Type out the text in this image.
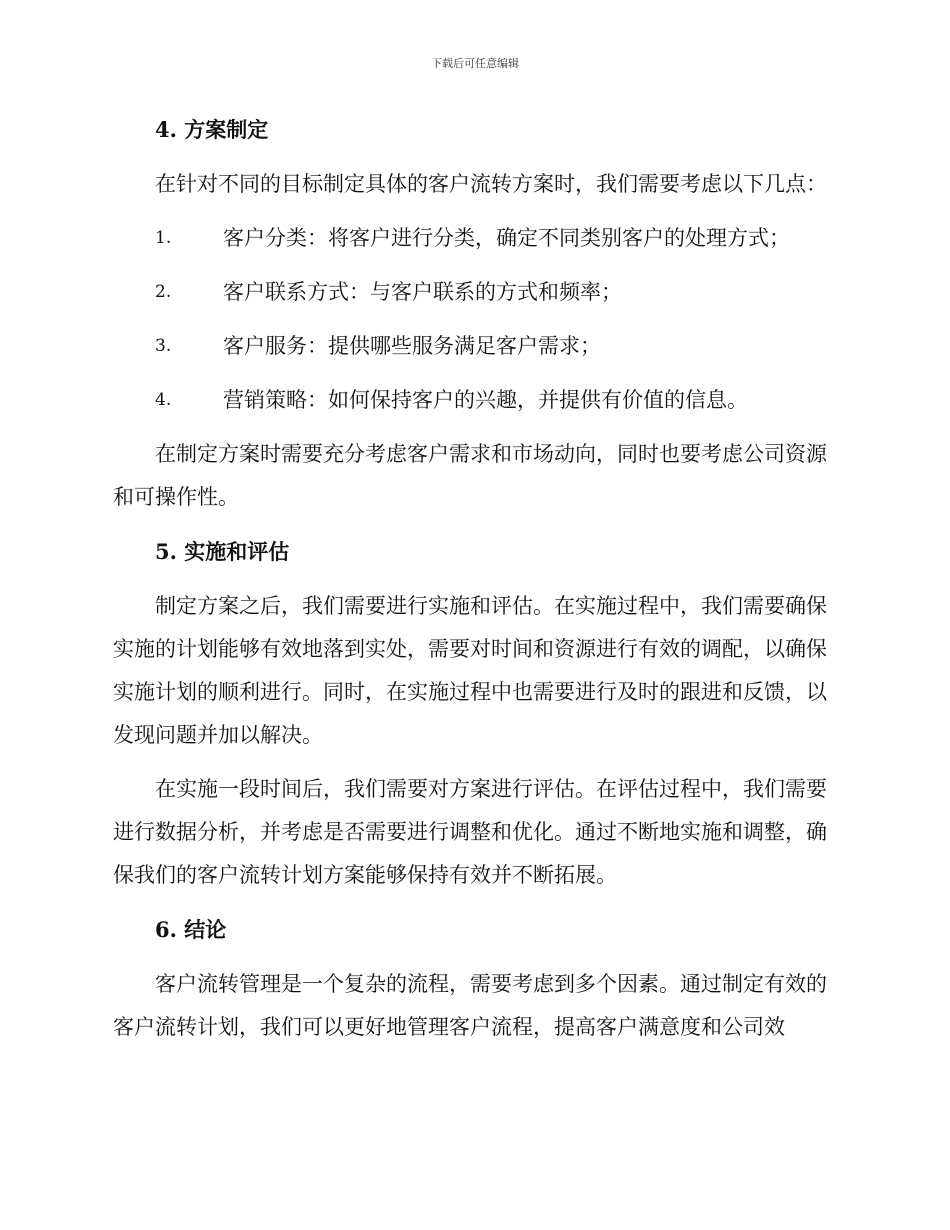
下载后可任意编辑

4. 方案制定

在针对不同的目标制定具体的客户流转方案时，我们需要考虑以下几点：

1.	客户分类：将客户进行分类，确定不同类别客户的处理方式；
2.	客户联系方式：与客户联系的方式和频率；
3.	客户服务：提供哪些服务满足客户需求；
4.	营销策略：如何保持客户的兴趣，并提供有价值的信息。

在制定方案时需要充分考虑客户需求和市场动向，同时也要考虑公司资源和可操作性。

5. 实施和评估

制定方案之后，我们需要进行实施和评估。在实施过程中，我们需要确保实施的计划能够有效地落到实处，需要对时间和资源进行有效的调配，以确保实施计划的顺利进行。同时，在实施过程中也需要进行及时的跟进和反馈，以发现问题并加以解决。

在实施一段时间后，我们需要对方案进行评估。在评估过程中，我们需要进行数据分析，并考虑是否需要进行调整和优化。通过不断地实施和调整，确保我们的客户流转计划方案能够保持有效并不断拓展。

6. 结论

客户流转管理是一个复杂的流程，需要考虑到多个因素。通过制定有效的客户流转计划，我们可以更好地管理客户流程，提高客户满意度和公司效
